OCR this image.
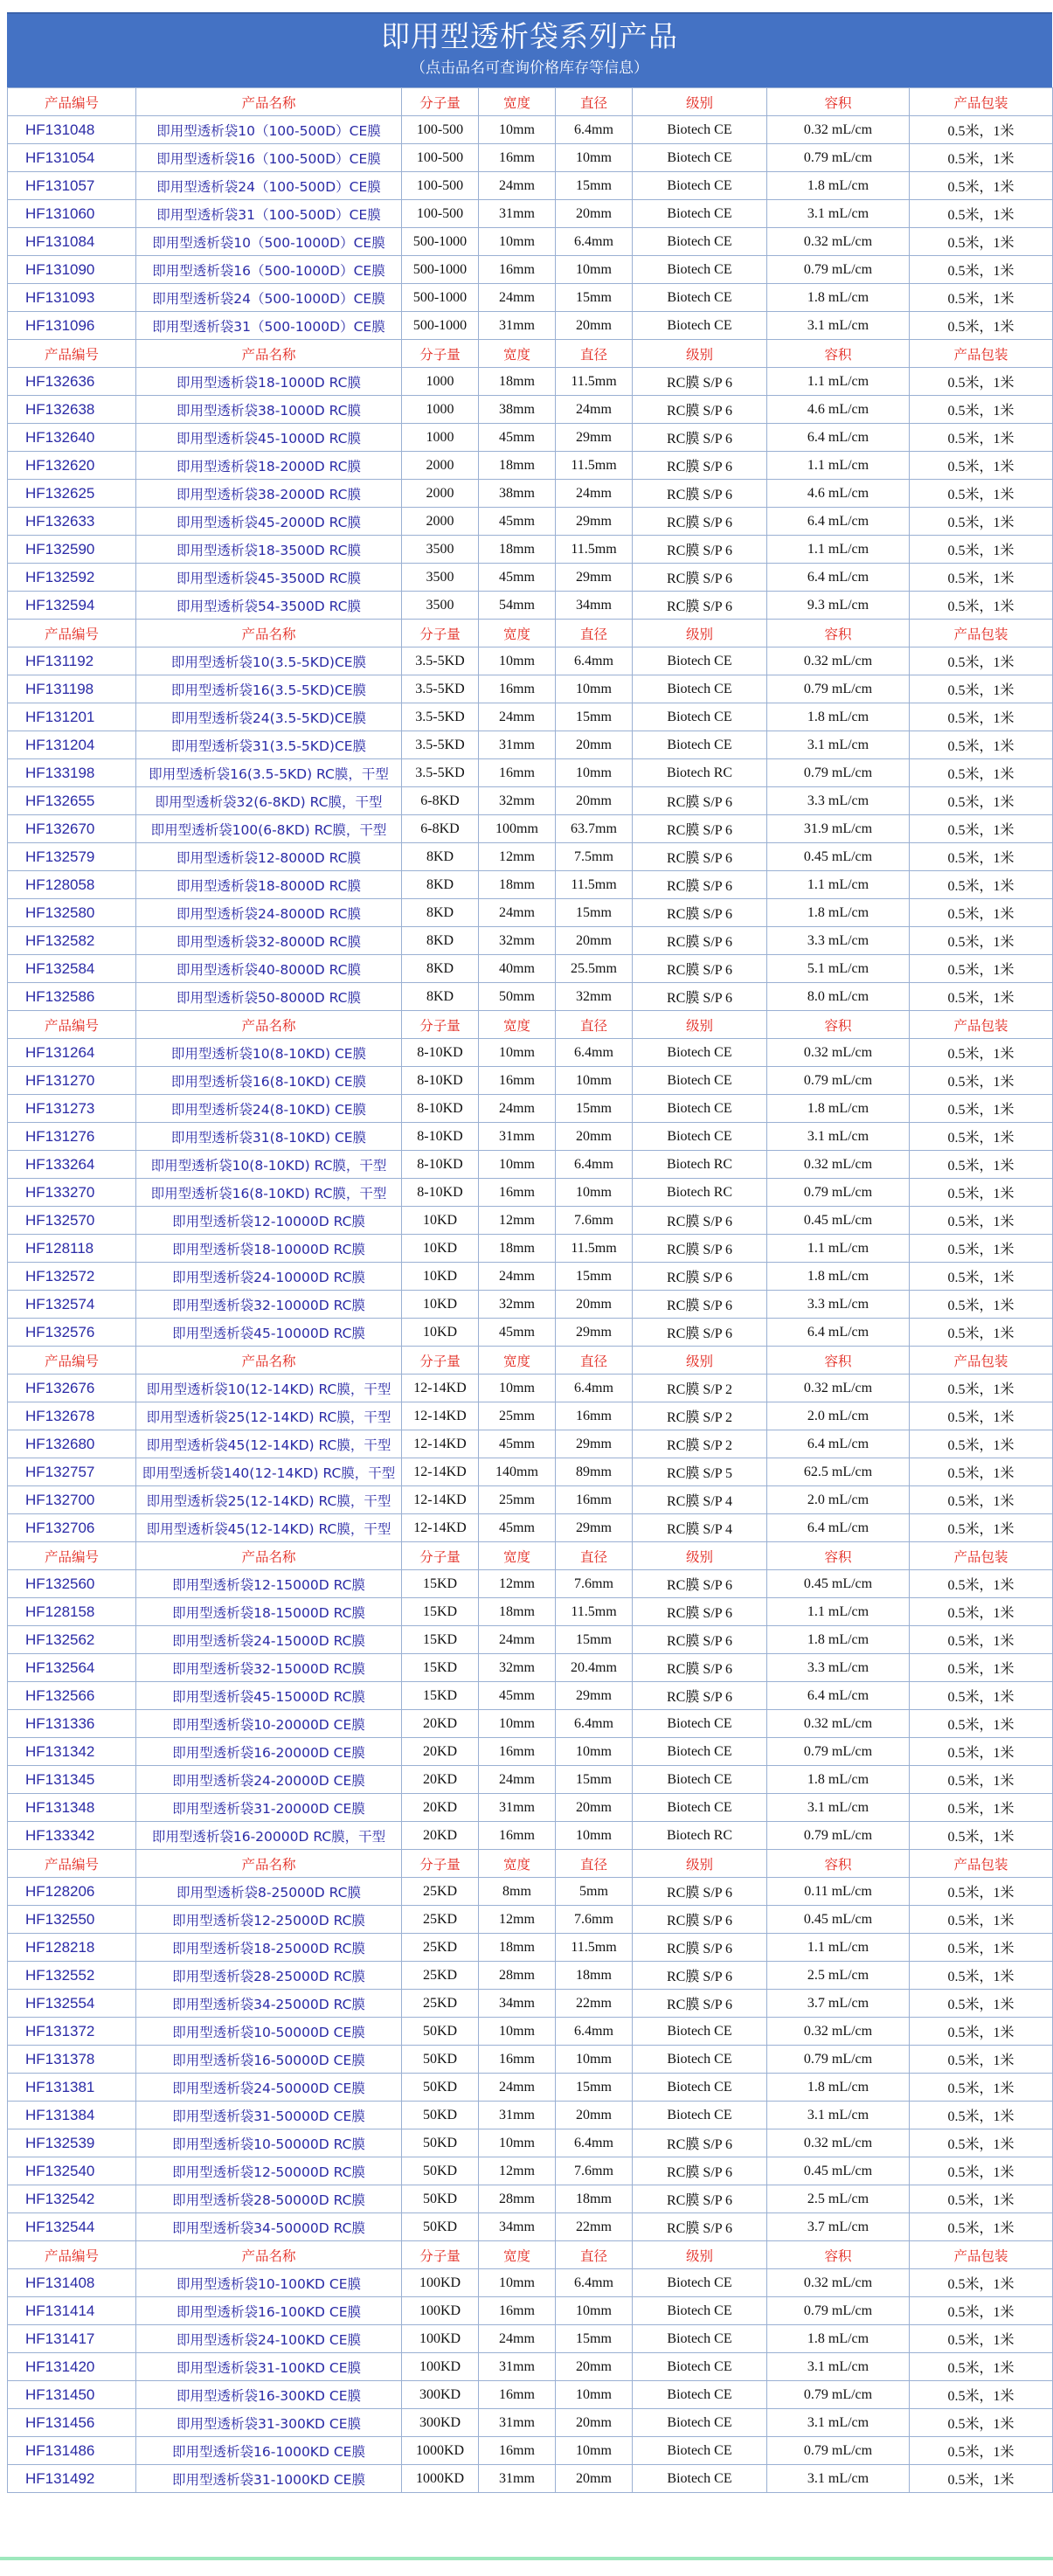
即用型透析袋系列产品
（点击品名可查询价格库存等信息）
产品编号	产品名称	分子量	宽度	直径	级别	容积	产品包装
HF131048	即用型透析袋10（100-500D）CE膜	100-500	10mm	6.4mm	Biotech CE	0.32 mL/cm	0.5米，1米
HF131054	即用型透析袋16（100-500D）CE膜	100-500	16mm	10mm	Biotech CE	0.79 mL/cm	0.5米，1米
HF131057	即用型透析袋24（100-500D）CE膜	100-500	24mm	15mm	Biotech CE	1.8 mL/cm	0.5米，1米
HF131060	即用型透析袋31（100-500D）CE膜	100-500	31mm	20mm	Biotech CE	3.1 mL/cm	0.5米，1米
HF131084	即用型透析袋10（500-1000D）CE膜	500-1000	10mm	6.4mm	Biotech CE	0.32 mL/cm	0.5米，1米
HF131090	即用型透析袋16（500-1000D）CE膜	500-1000	16mm	10mm	Biotech CE	0.79 mL/cm	0.5米，1米
HF131093	即用型透析袋24（500-1000D）CE膜	500-1000	24mm	15mm	Biotech CE	1.8 mL/cm	0.5米，1米
HF131096	即用型透析袋31（500-1000D）CE膜	500-1000	31mm	20mm	Biotech CE	3.1 mL/cm	0.5米，1米
产品编号	产品名称	分子量	宽度	直径	级别	容积	产品包装
HF132636	即用型透析袋18-1000D RC膜	1000	18mm	11.5mm	RC膜 S/P 6	1.1 mL/cm	0.5米，1米
HF132638	即用型透析袋38-1000D RC膜	1000	38mm	24mm	RC膜 S/P 6	4.6 mL/cm	0.5米，1米
HF132640	即用型透析袋45-1000D RC膜	1000	45mm	29mm	RC膜 S/P 6	6.4 mL/cm	0.5米，1米
HF132620	即用型透析袋18-2000D RC膜	2000	18mm	11.5mm	RC膜 S/P 6	1.1 mL/cm	0.5米，1米
HF132625	即用型透析袋38-2000D RC膜	2000	38mm	24mm	RC膜 S/P 6	4.6 mL/cm	0.5米，1米
HF132633	即用型透析袋45-2000D RC膜	2000	45mm	29mm	RC膜 S/P 6	6.4 mL/cm	0.5米，1米
HF132590	即用型透析袋18-3500D RC膜	3500	18mm	11.5mm	RC膜 S/P 6	1.1 mL/cm	0.5米，1米
HF132592	即用型透析袋45-3500D RC膜	3500	45mm	29mm	RC膜 S/P 6	6.4 mL/cm	0.5米，1米
HF132594	即用型透析袋54-3500D RC膜	3500	54mm	34mm	RC膜 S/P 6	9.3 mL/cm	0.5米，1米
产品编号	产品名称	分子量	宽度	直径	级别	容积	产品包装
HF131192	即用型透析袋10(3.5-5KD)CE膜	3.5-5KD	10mm	6.4mm	Biotech CE	0.32 mL/cm	0.5米，1米
HF131198	即用型透析袋16(3.5-5KD)CE膜	3.5-5KD	16mm	10mm	Biotech CE	0.79 mL/cm	0.5米，1米
HF131201	即用型透析袋24(3.5-5KD)CE膜	3.5-5KD	24mm	15mm	Biotech CE	1.8 mL/cm	0.5米，1米
HF131204	即用型透析袋31(3.5-5KD)CE膜	3.5-5KD	31mm	20mm	Biotech CE	3.1 mL/cm	0.5米，1米
HF133198	即用型透析袋16(3.5-5KD) RC膜，干型	3.5-5KD	16mm	10mm	Biotech RC	0.79 mL/cm	0.5米，1米
HF132655	即用型透析袋32(6-8KD) RC膜，干型	6-8KD	32mm	20mm	RC膜 S/P 6	3.3 mL/cm	0.5米，1米
HF132670	即用型透析袋100(6-8KD) RC膜，干型	6-8KD	100mm	63.7mm	RC膜 S/P 6	31.9 mL/cm	0.5米，1米
HF132579	即用型透析袋12-8000D RC膜	8KD	12mm	7.5mm	RC膜 S/P 6	0.45 mL/cm	0.5米，1米
HF128058	即用型透析袋18-8000D RC膜	8KD	18mm	11.5mm	RC膜 S/P 6	1.1 mL/cm	0.5米，1米
HF132580	即用型透析袋24-8000D RC膜	8KD	24mm	15mm	RC膜 S/P 6	1.8 mL/cm	0.5米，1米
HF132582	即用型透析袋32-8000D RC膜	8KD	32mm	20mm	RC膜 S/P 6	3.3 mL/cm	0.5米，1米
HF132584	即用型透析袋40-8000D RC膜	8KD	40mm	25.5mm	RC膜 S/P 6	5.1 mL/cm	0.5米，1米
HF132586	即用型透析袋50-8000D RC膜	8KD	50mm	32mm	RC膜 S/P 6	8.0 mL/cm	0.5米，1米
产品编号	产品名称	分子量	宽度	直径	级别	容积	产品包装
HF131264	即用型透析袋10(8-10KD) CE膜	8-10KD	10mm	6.4mm	Biotech CE	0.32 mL/cm	0.5米，1米
HF131270	即用型透析袋16(8-10KD) CE膜	8-10KD	16mm	10mm	Biotech CE	0.79 mL/cm	0.5米，1米
HF131273	即用型透析袋24(8-10KD) CE膜	8-10KD	24mm	15mm	Biotech CE	1.8 mL/cm	0.5米，1米
HF131276	即用型透析袋31(8-10KD) CE膜	8-10KD	31mm	20mm	Biotech CE	3.1 mL/cm	0.5米，1米
HF133264	即用型透析袋10(8-10KD) RC膜，干型	8-10KD	10mm	6.4mm	Biotech RC	0.32 mL/cm	0.5米，1米
HF133270	即用型透析袋16(8-10KD) RC膜，干型	8-10KD	16mm	10mm	Biotech RC	0.79 mL/cm	0.5米，1米
HF132570	即用型透析袋12-10000D RC膜	10KD	12mm	7.6mm	RC膜 S/P 6	0.45 mL/cm	0.5米，1米
HF128118	即用型透析袋18-10000D RC膜	10KD	18mm	11.5mm	RC膜 S/P 6	1.1 mL/cm	0.5米，1米
HF132572	即用型透析袋24-10000D RC膜	10KD	24mm	15mm	RC膜 S/P 6	1.8 mL/cm	0.5米，1米
HF132574	即用型透析袋32-10000D RC膜	10KD	32mm	20mm	RC膜 S/P 6	3.3 mL/cm	0.5米，1米
HF132576	即用型透析袋45-10000D RC膜	10KD	45mm	29mm	RC膜 S/P 6	6.4 mL/cm	0.5米，1米
产品编号	产品名称	分子量	宽度	直径	级别	容积	产品包装
HF132676	即用型透析袋10(12-14KD) RC膜，干型	12-14KD	10mm	6.4mm	RC膜 S/P 2	0.32 mL/cm	0.5米，1米
HF132678	即用型透析袋25(12-14KD) RC膜，干型	12-14KD	25mm	16mm	RC膜 S/P 2	2.0 mL/cm	0.5米，1米
HF132680	即用型透析袋45(12-14KD) RC膜，干型	12-14KD	45mm	29mm	RC膜 S/P 2	6.4 mL/cm	0.5米，1米
HF132757	即用型透析袋140(12-14KD) RC膜，干型	12-14KD	140mm	89mm	RC膜 S/P 5	62.5 mL/cm	0.5米，1米
HF132700	即用型透析袋25(12-14KD) RC膜，干型	12-14KD	25mm	16mm	RC膜 S/P 4	2.0 mL/cm	0.5米，1米
HF132706	即用型透析袋45(12-14KD) RC膜，干型	12-14KD	45mm	29mm	RC膜 S/P 4	6.4 mL/cm	0.5米，1米
产品编号	产品名称	分子量	宽度	直径	级别	容积	产品包装
HF132560	即用型透析袋12-15000D RC膜	15KD	12mm	7.6mm	RC膜 S/P 6	0.45 mL/cm	0.5米，1米
HF128158	即用型透析袋18-15000D RC膜	15KD	18mm	11.5mm	RC膜 S/P 6	1.1 mL/cm	0.5米，1米
HF132562	即用型透析袋24-15000D RC膜	15KD	24mm	15mm	RC膜 S/P 6	1.8 mL/cm	0.5米，1米
HF132564	即用型透析袋32-15000D RC膜	15KD	32mm	20.4mm	RC膜 S/P 6	3.3 mL/cm	0.5米，1米
HF132566	即用型透析袋45-15000D RC膜	15KD	45mm	29mm	RC膜 S/P 6	6.4 mL/cm	0.5米，1米
HF131336	即用型透析袋10-20000D CE膜	20KD	10mm	6.4mm	Biotech CE	0.32 mL/cm	0.5米，1米
HF131342	即用型透析袋16-20000D CE膜	20KD	16mm	10mm	Biotech CE	0.79 mL/cm	0.5米，1米
HF131345	即用型透析袋24-20000D CE膜	20KD	24mm	15mm	Biotech CE	1.8 mL/cm	0.5米，1米
HF131348	即用型透析袋31-20000D CE膜	20KD	31mm	20mm	Biotech CE	3.1 mL/cm	0.5米，1米
HF133342	即用型透析袋16-20000D RC膜，干型	20KD	16mm	10mm	Biotech RC	0.79 mL/cm	0.5米，1米
产品编号	产品名称	分子量	宽度	直径	级别	容积	产品包装
HF128206	即用型透析袋8-25000D RC膜	25KD	8mm	5mm	RC膜 S/P 6	0.11 mL/cm	0.5米，1米
HF132550	即用型透析袋12-25000D RC膜	25KD	12mm	7.6mm	RC膜 S/P 6	0.45 mL/cm	0.5米，1米
HF128218	即用型透析袋18-25000D RC膜	25KD	18mm	11.5mm	RC膜 S/P 6	1.1 mL/cm	0.5米，1米
HF132552	即用型透析袋28-25000D RC膜	25KD	28mm	18mm	RC膜 S/P 6	2.5 mL/cm	0.5米，1米
HF132554	即用型透析袋34-25000D RC膜	25KD	34mm	22mm	RC膜 S/P 6	3.7 mL/cm	0.5米，1米
HF131372	即用型透析袋10-50000D CE膜	50KD	10mm	6.4mm	Biotech CE	0.32 mL/cm	0.5米，1米
HF131378	即用型透析袋16-50000D CE膜	50KD	16mm	10mm	Biotech CE	0.79 mL/cm	0.5米，1米
HF131381	即用型透析袋24-50000D CE膜	50KD	24mm	15mm	Biotech CE	1.8 mL/cm	0.5米，1米
HF131384	即用型透析袋31-50000D CE膜	50KD	31mm	20mm	Biotech CE	3.1 mL/cm	0.5米，1米
HF132539	即用型透析袋10-50000D RC膜	50KD	10mm	6.4mm	RC膜 S/P 6	0.32 mL/cm	0.5米，1米
HF132540	即用型透析袋12-50000D RC膜	50KD	12mm	7.6mm	RC膜 S/P 6	0.45 mL/cm	0.5米，1米
HF132542	即用型透析袋28-50000D RC膜	50KD	28mm	18mm	RC膜 S/P 6	2.5 mL/cm	0.5米，1米
HF132544	即用型透析袋34-50000D RC膜	50KD	34mm	22mm	RC膜 S/P 6	3.7 mL/cm	0.5米，1米
产品编号	产品名称	分子量	宽度	直径	级别	容积	产品包装
HF131408	即用型透析袋10-100KD CE膜	100KD	10mm	6.4mm	Biotech CE	0.32 mL/cm	0.5米，1米
HF131414	即用型透析袋16-100KD CE膜	100KD	16mm	10mm	Biotech CE	0.79 mL/cm	0.5米，1米
HF131417	即用型透析袋24-100KD CE膜	100KD	24mm	15mm	Biotech CE	1.8 mL/cm	0.5米，1米
HF131420	即用型透析袋31-100KD CE膜	100KD	31mm	20mm	Biotech CE	3.1 mL/cm	0.5米，1米
HF131450	即用型透析袋16-300KD CE膜	300KD	16mm	10mm	Biotech CE	0.79 mL/cm	0.5米，1米
HF131456	即用型透析袋31-300KD CE膜	300KD	31mm	20mm	Biotech CE	3.1 mL/cm	0.5米，1米
HF131486	即用型透析袋16-1000KD CE膜	1000KD	16mm	10mm	Biotech CE	0.79 mL/cm	0.5米，1米
HF131492	即用型透析袋31-1000KD CE膜	1000KD	31mm	20mm	Biotech CE	3.1 mL/cm	0.5米，1米
